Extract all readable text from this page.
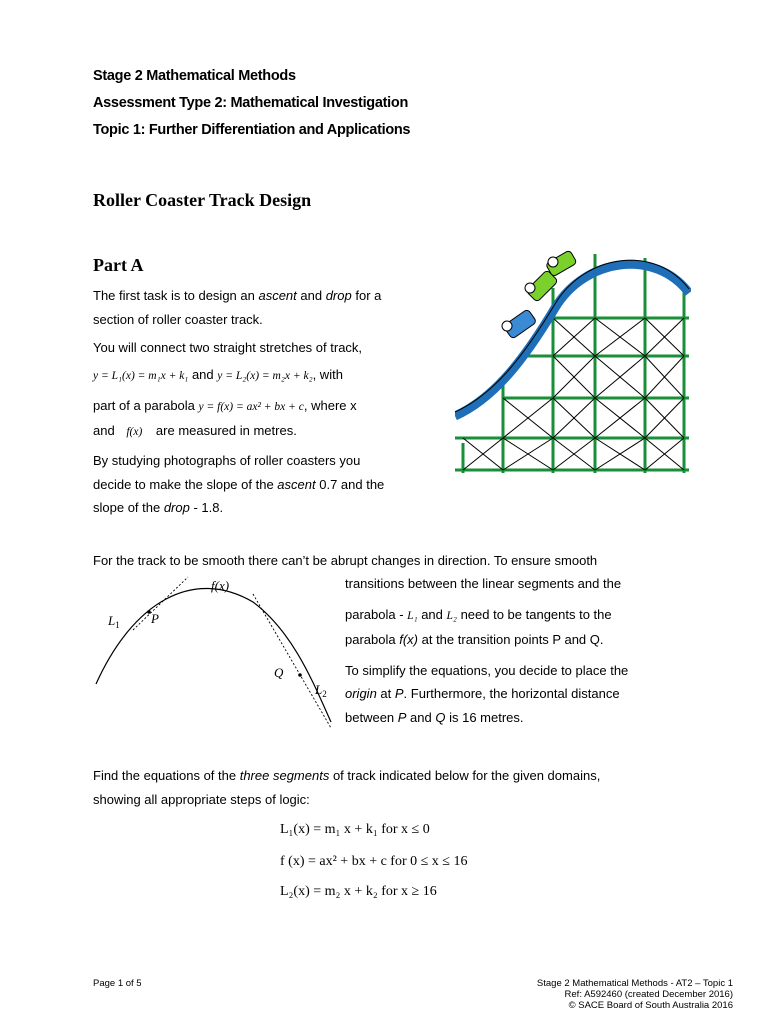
Stage 2 Mathematical Methods
Assessment Type 2: Mathematical Investigation
Topic 1: Further Differentiation and Applications
Roller Coaster Track Design
Part A
The first task is to design an ascent and drop for a
section of roller coaster track.
You will connect two straight stretches of track,
y = L₁(x) = m₁x + k₁ and y = L₂(x) = m₂x + k₂, with
part of a parabola y = f(x) = ax² + bx + c, where x
and f(x) are measured in metres.
By studying photographs of roller coasters you
decide to make the slope of the ascent 0.7 and the
slope of the drop - 1.8.
For the track to be smooth there can’t be abrupt changes in direction. To ensure smooth
f(x)
$L_1$ P
Q
$L_2$
transitions between the linear segments and the
parabola - L₁ and L₂ need to be tangents to the
parabola f(x) at the transition points P and Q.
To simplify the equations, you decide to place the
origin at P. Furthermore, the horizontal distance
between P and Q is 16 metres.
Find the equations of the three segments of track indicated below for the given domains,
showing all appropriate steps of logic:
L₁(x) = m₁ x + k₁ for x ≤ 0
f (x) = ax² + bx + c for 0 ≤ x ≤ 16
L₂(x) = m₂ x + k₂ for x ≥ 16
Page 1 of 5	Stage 2 Mathematical Methods - AT2 – Topic 1
Ref: A592460 (created December 2016)
© SACE Board of South Australia 2016
